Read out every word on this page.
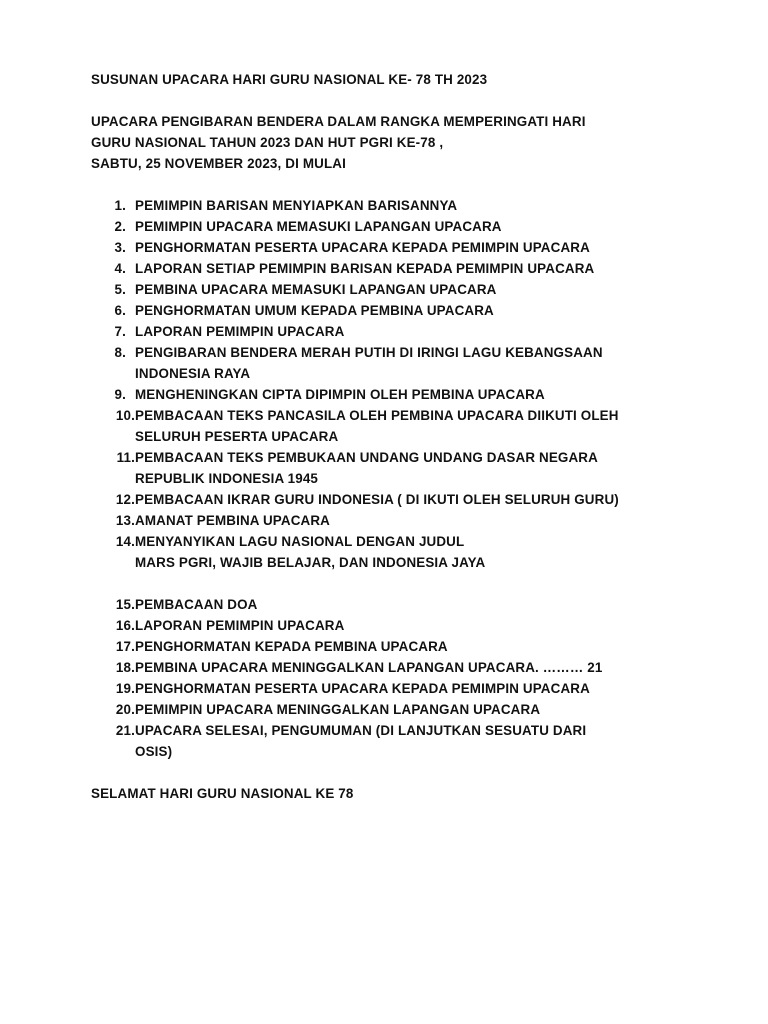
SUSUNAN UPACARA HARI GURU NASIONAL KE- 78 TH 2023

UPACARA PENGIBARAN BENDERA DALAM RANGKA MEMPERINGATI HARI

GURU NASIONAL TAHUN 2023 DAN HUT PGRI KE-78 ,

SABTU, 25 NOVEMBER 2023, DI MULAI

1. PEMIMPIN BARISAN MENYIAPKAN BARISANNYA
2. PEMIMPIN UPACARA MEMASUKI LAPANGAN UPACARA
3. PENGHORMATAN PESERTA UPACARA KEPADA PEMIMPIN UPACARA
4. LAPORAN SETIAP PEMIMPIN BARISAN KEPADA PEMIMPIN UPACARA
5. PEMBINA UPACARA MEMASUKI LAPANGAN UPACARA
6. PENGHORMATAN UMUM KEPADA PEMBINA UPACARA
7. LAPORAN PEMIMPIN UPACARA
8. PENGIBARAN BENDERA MERAH PUTIH DI IRINGI LAGU KEBANGSAAN
INDONESIA RAYA
9. MENGHENINGKAN CIPTA DIPIMPIN OLEH PEMBINA UPACARA
10. PEMBACAAN TEKS PANCASILA OLEH PEMBINA UPACARA DIIKUTI OLEH
SELURUH PESERTA UPACARA
11. PEMBACAAN TEKS PEMBUKAAN UNDANG UNDANG DASAR NEGARA
REPUBLIK INDONESIA 1945
12. PEMBACAAN IKRAR GURU INDONESIA ( DI IKUTI OLEH SELURUH GURU)
13. AMANAT PEMBINA UPACARA
14. MENYANYIKAN LAGU NASIONAL DENGAN JUDUL
MARS PGRI, WAJIB BELAJAR, DAN INDONESIA JAYA
15. PEMBACAAN DOA
16. LAPORAN PEMIMPIN UPACARA
17. PENGHORMATAN KEPADA PEMBINA UPACARA
18. PEMBINA UPACARA MENINGGALKAN LAPANGAN UPACARA. ……… 21
19. PENGHORMATAN PESERTA UPACARA KEPADA PEMIMPIN UPACARA
20. PEMIMPIN UPACARA MENINGGALKAN LAPANGAN UPACARA
21. UPACARA SELESAI, PENGUMUMAN (DI LANJUTKAN SESUATU DARI
OSIS)

SELAMAT HARI GURU NASIONAL KE 78
